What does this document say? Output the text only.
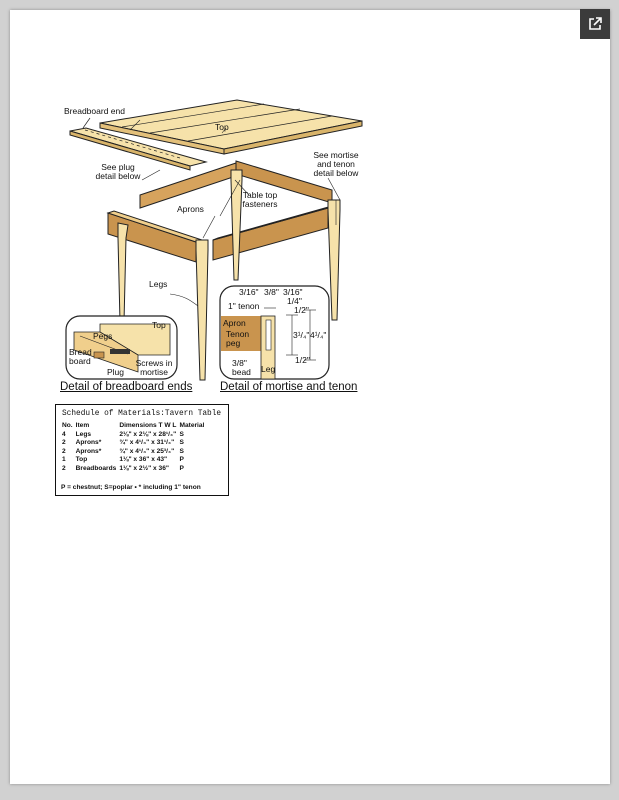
Breadboard end
Top
See plug
detail below
See mortise
and tenon
detail below
Aprons
Table top
fasteners
Legs
Top
Pegs
Bread
board
Plug
Screws in
mortise
Detail of breadboard ends
3/16" 3/8" 3/16"
1/4"
1" tenon	1/2"
3¹/₄" 4¹/₄"
1/2"
Apron
Tenon
peg
3/8"
bead Leg
Detail of mortise and tenon
Schedule of Materials:Tavern Table
No.	Item	Dimensions T W L	Material
4	Legs	2⅛" x 2⅛" x 28¹/₄"	S
2	Aprons*	¾" x 4¹/₄" x 31¹/₄"	S
2	Aprons*	¾" x 4¹/₄" x 25³/₄"	S
1	Top	1⅛" x 36" x 43"	P
2	Breadboards	1⅛" x 2½" x 36"	P
P = chestnut; S=poplar • * including 1" tenon
